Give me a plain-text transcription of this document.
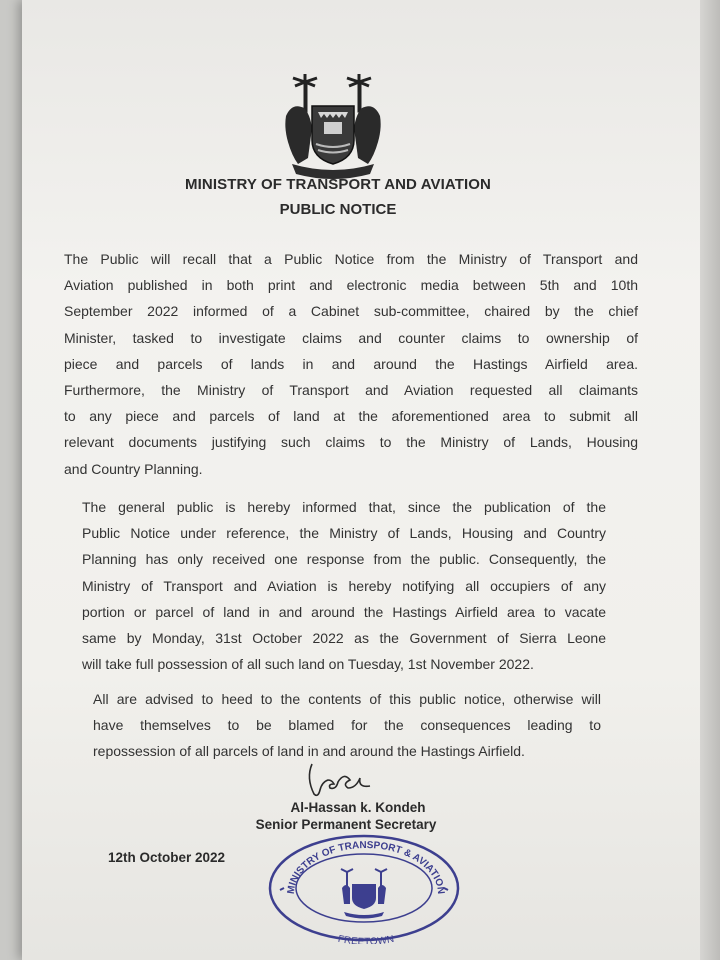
MINISTRY OF TRANSPORT AND AVIATION
PUBLIC NOTICE
The Public will recall that a Public Notice from the Ministry of Transport and
Aviation published in both print and electronic media between 5th and 10th
September 2022 informed of a Cabinet sub-committee, chaired by the chief
Minister, tasked to investigate claims and counter claims to ownership of
piece and parcels of lands in and around the Hastings Airfield area.
Furthermore, the Ministry of Transport and Aviation requested all claimants
to any piece and parcels of land at the aforementioned area to submit all
relevant documents justifying such claims to the Ministry of Lands, Housing
and Country Planning.
The general public is hereby informed that, since the publication of the
Public Notice under reference, the Ministry of Lands, Housing and Country
Planning has only received one response from the public. Consequently, the
Ministry of Transport and Aviation is hereby notifying all occupiers of any
portion or parcel of land in and around the Hastings Airfield area to vacate
same by Monday, 31st October 2022 as the Government of Sierra Leone
will take full possession of all such land on Tuesday, 1st November 2022.
All are advised to heed to the contents of this public notice, otherwise will
have themselves to be blamed for the consequences leading to
repossession of all parcels of land in and around the Hastings Airfield.
Al-Hassan k. Kondeh
Senior Permanent Secretary
12th October 2022
MINISTRY OF TRANSPORT & AVIATION
FREETOWN
